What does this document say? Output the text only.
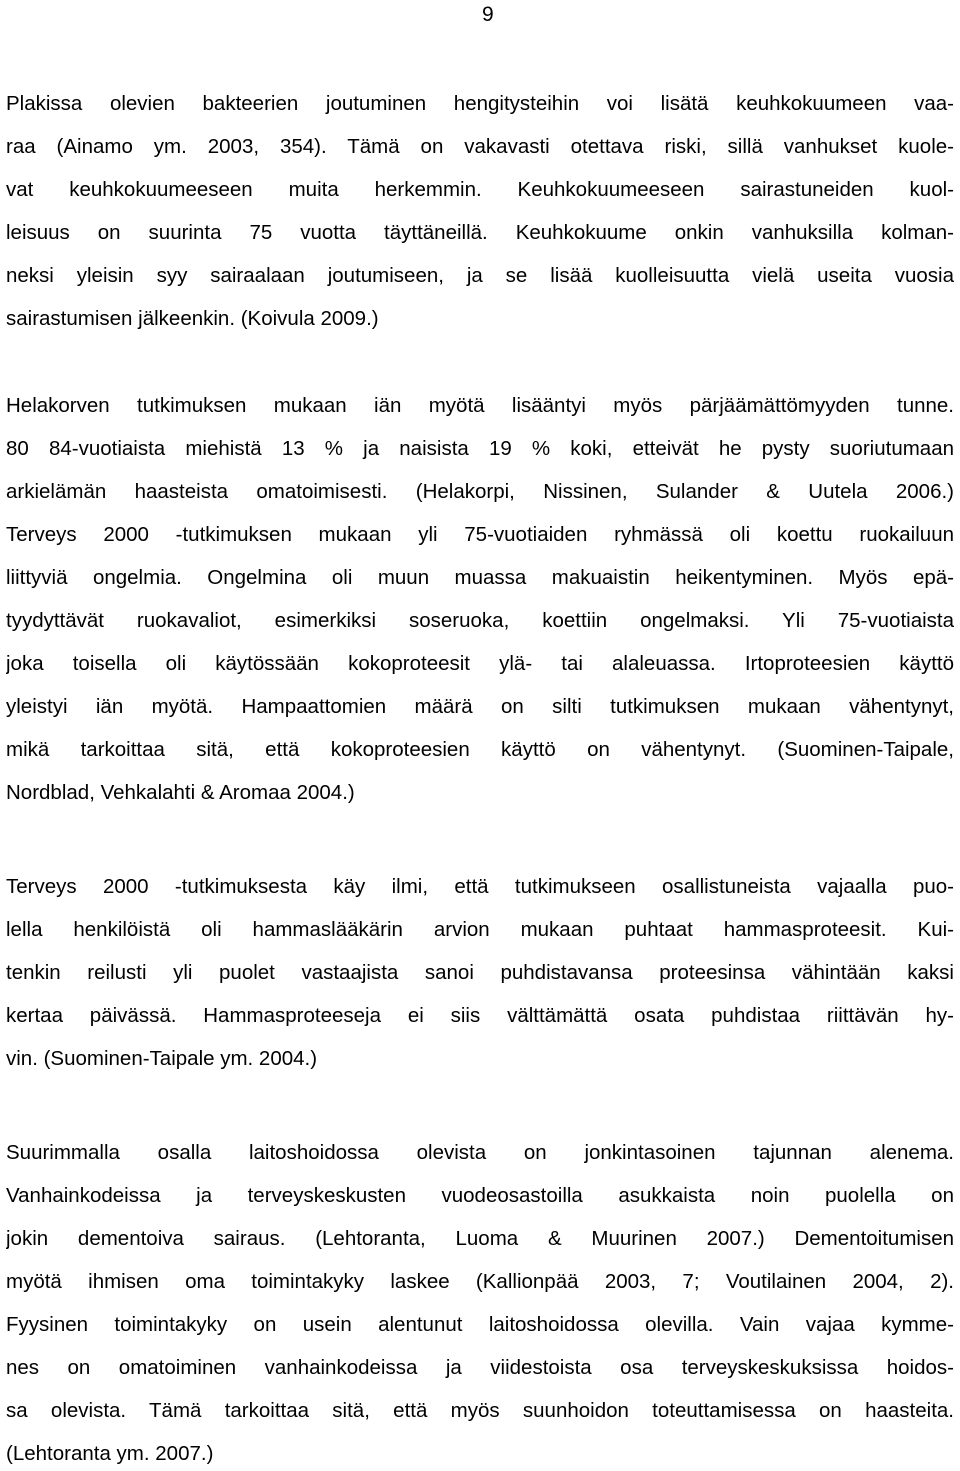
9
Plakissa olevien bakteerien joutuminen hengitysteihin voi lisätä keuhkokuumeen vaa-
raa (Ainamo ym. 2003, 354). Tämä on vakavasti otettava riski, sillä vanhukset kuole-
vat keuhkokuumeeseen muita herkemmin. Keuhkokuumeeseen sairastuneiden kuol-
leisuus on suurinta 75 vuotta täyttäneillä. Keuhkokuume onkin vanhuksilla kolman-
neksi yleisin syy sairaalaan joutumiseen, ja se lisää kuolleisuutta vielä useita vuosia
sairastumisen jälkeenkin. (Koivula 2009.)
Helakorven tutkimuksen mukaan iän myötä lisääntyi myös pärjäämättömyyden tunne.
80 84-vuotiaista miehistä 13 % ja naisista 19 % koki, etteivät he pysty suoriutumaan
arkielämän haasteista omatoimisesti. (Helakorpi, Nissinen, Sulander & Uutela 2006.)
Terveys 2000 -tutkimuksen mukaan yli 75-vuotiaiden ryhmässä oli koettu ruokailuun
liittyviä ongelmia. Ongelmina oli muun muassa makuaistin heikentyminen. Myös epä-
tyydyttävät ruokavaliot, esimerkiksi soseruoka, koettiin ongelmaksi. Yli 75-vuotiaista
joka toisella oli käytössään kokoproteesit ylä- tai alaleuassa. Irtoproteesien käyttö
yleistyi iän myötä. Hampaattomien määrä on silti tutkimuksen mukaan vähentynyt,
mikä tarkoittaa sitä, että kokoproteesien käyttö on vähentynyt. (Suominen-Taipale,
Nordblad, Vehkalahti & Aromaa 2004.)
Terveys 2000 -tutkimuksesta käy ilmi, että tutkimukseen osallistuneista vajaalla puo-
lella henkilöistä oli hammaslääkärin arvion mukaan puhtaat hammasproteesit. Kui-
tenkin reilusti yli puolet vastaajista sanoi puhdistavansa proteesinsa vähintään kaksi
kertaa päivässä. Hammasproteeseja ei siis välttämättä osata puhdistaa riittävän hy-
vin. (Suominen-Taipale ym. 2004.)
Suurimmalla osalla laitoshoidossa olevista on jonkintasoinen tajunnan alenema.
Vanhainkodeissa ja terveyskeskusten vuodeosastoilla asukkaista noin puolella on
jokin dementoiva sairaus. (Lehtoranta, Luoma & Muurinen 2007.) Dementoitumisen
myötä ihmisen oma toimintakyky laskee (Kallionpää 2003, 7; Voutilainen 2004, 2).
Fyysinen toimintakyky on usein alentunut laitoshoidossa olevilla. Vain vajaa kymme-
nes on omatoiminen vanhainkodeissa ja viidestoista osa terveyskeskuksissa hoidos-
sa olevista. Tämä tarkoittaa sitä, että myös suunhoidon toteuttamisessa on haasteita.
(Lehtoranta ym. 2007.)
